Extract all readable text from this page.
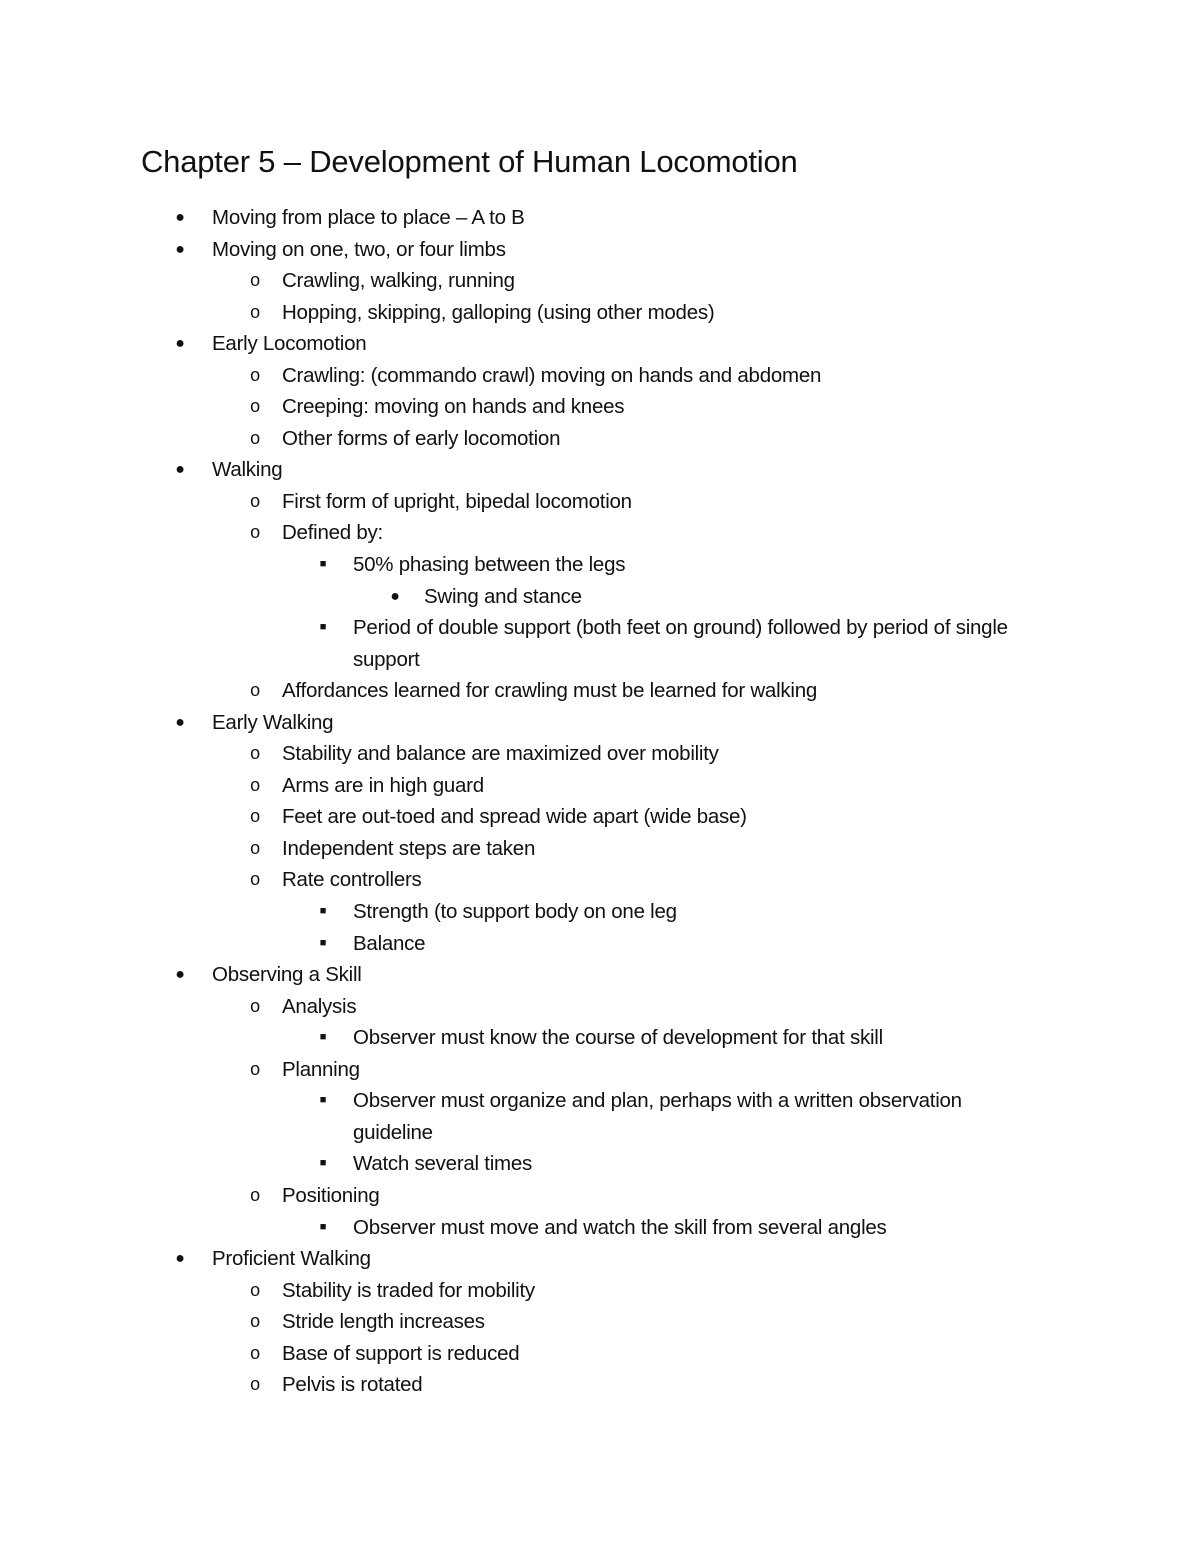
Chapter 5 – Development of Human Locomotion
●	Moving from place to place – A to B
●	Moving on one, two, or four limbs
o	Crawling, walking, running
o	Hopping, skipping, galloping (using other modes)
●	Early Locomotion
o	Crawling: (commando crawl) moving on hands and abdomen
o	Creeping: moving on hands and knees
o	Other forms of early locomotion
●	Walking
o	First form of upright, bipedal locomotion
o	Defined by:
■	50% phasing between the legs
●	Swing and stance
■	Period of double support (both feet on ground) followed by period of single support
o	Affordances learned for crawling must be learned for walking
●	Early Walking
o	Stability and balance are maximized over mobility
o	Arms are in high guard
o	Feet are out-toed and spread wide apart (wide base)
o	Independent steps are taken
o	Rate controllers
■	Strength (to support body on one leg
■	Balance
●	Observing a Skill
o	Analysis
■	Observer must know the course of development for that skill
o	Planning
■	Observer must organize and plan, perhaps with a written observation guideline
■	Watch several times
o	Positioning
■	Observer must move and watch the skill from several angles
●	Proficient Walking
o	Stability is traded for mobility
o	Stride length increases
o	Base of support is reduced
o	Pelvis is rotated
